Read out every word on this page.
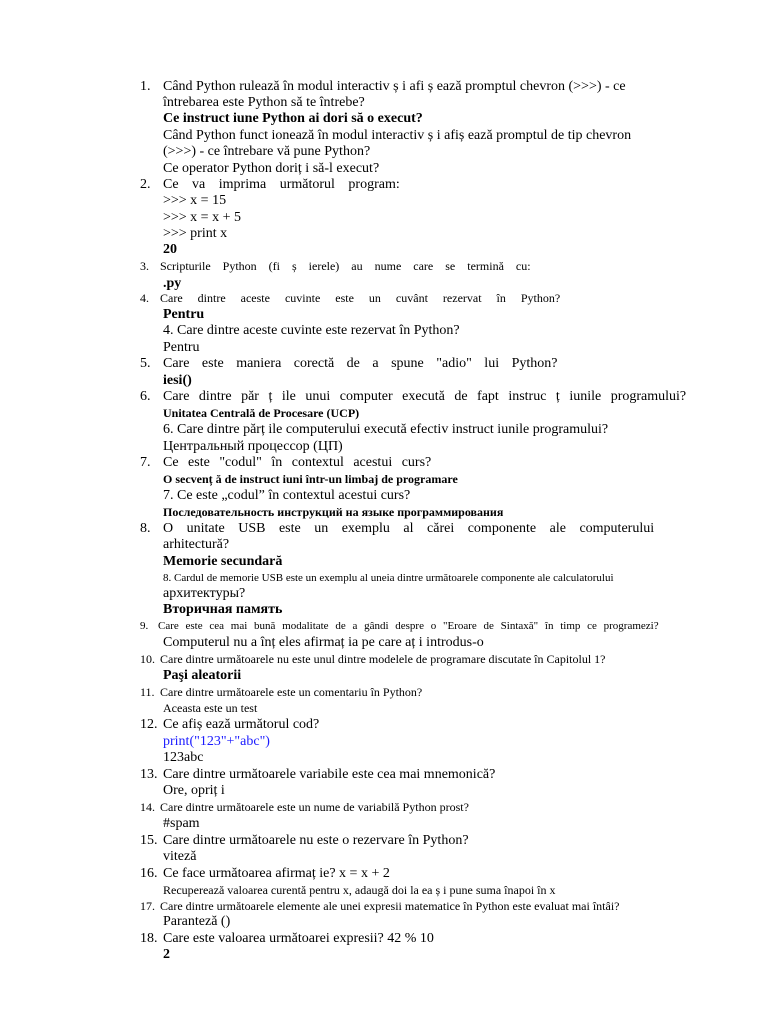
1. Când Python rulează în modul interactiv ș i afi ș ează promptul chevron (>>>) - ce

întrebarea este Python să te întrebe?

Ce instruct iune Python ai dori să o execut?

Când Python funct ionează în modul interactiv ș i afiș ează promptul de tip chevron

(>>>) - ce întrebare vă pune Python?

Ce operator Python doriț i să-l execut?

2. Ce va imprima următorul program:

>>> x = 15

>>> x = x + 5

>>> print x

20

3. Scripturile Python (fi ș ierele) au nume care se termină cu:

.py

4. Care dintre aceste cuvinte este un cuvânt rezervat în Python?

Pentru

4. Care dintre aceste cuvinte este rezervat în Python?

Pentru

5. Care este maniera corectă de a spune "adio" lui Python?

iesi()

6. Care dintre păr ț ile unui computer execută de fapt instruc ț iunile programului?

Unitatea Centrală de Procesare (UCP)

6. Care dintre părț ile computerului execută efectiv instruct iunile programului?

Центральный процессор (ЦП)

7. Ce este "codul" în contextul acestui curs?

O secvenț ă de instruct iuni într-un limbaj de programare

7. Ce este „codul” în contextul acestui curs?

Последовательность инструкций на языке программирования

8. O unitate USB este un exemplu al cărei componente ale computerului

arhitectură?

Memorie secundară

8. Cardul de memorie USB este un exemplu al uneia dintre următoarele componente ale calculatorului

архитектуры?

Вторичная память

9. Care este cea mai bună modalitate de a gândi despre o "Eroare de Sintaxă" în timp ce programezi?

Computerul nu a înț eles afirmaț ia pe care aț i introdus-o

10. Care dintre următoarele nu este unul dintre modelele de programare discutate în Capitolul 1?

Paşi aleatorii

11. Care dintre următoarele este un comentariu în Python?

Aceasta este un test

12. Ce afiș ează următorul cod?

print("123"+"abc")

123abc

13. Care dintre următoarele variabile este cea mai mnemonică?

Ore, opriț i

14. Care dintre următoarele este un nume de variabilă Python prost?

#spam

15. Care dintre următoarele nu este o rezervare în Python?

viteză

16. Ce face următoarea afirmaț ie? x = x + 2

Recuperează valoarea curentă pentru x, adaugă doi la ea ș i pune suma înapoi în x

17. Care dintre următoarele elemente ale unei expresii matematice în Python este evaluat mai întâi?

Paranteză ()

18. Care este valoarea următoarei expresii? 42 % 10

2
